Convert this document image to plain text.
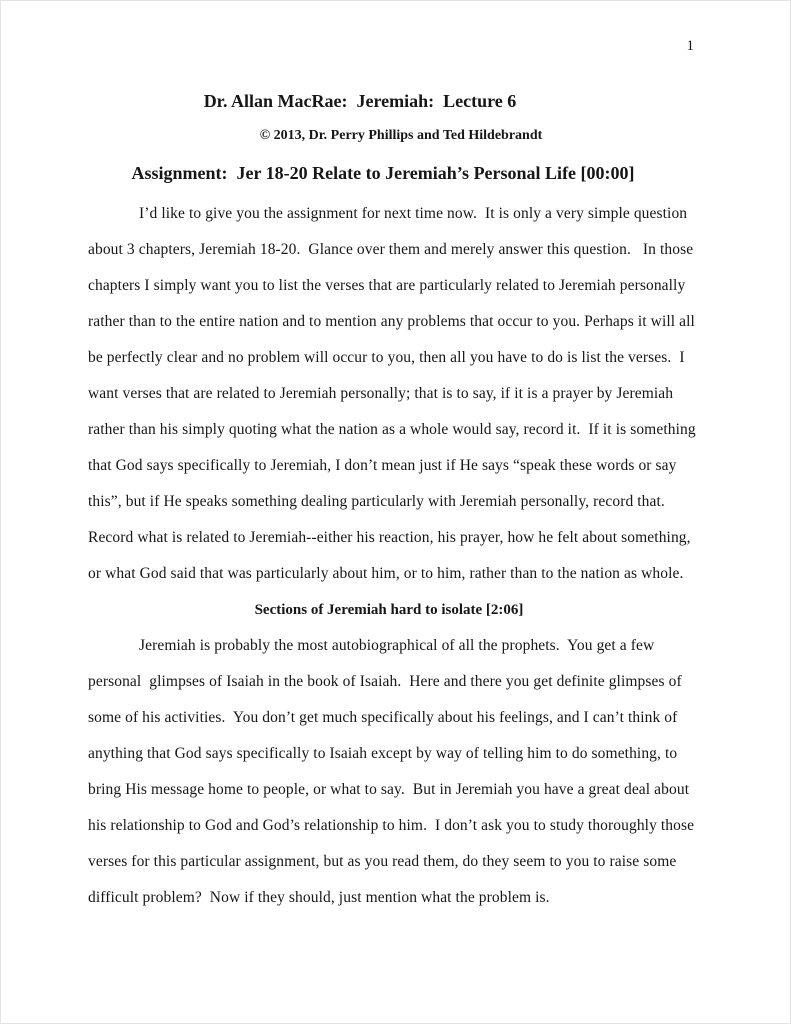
1
Dr. Allan MacRae:  Jeremiah:  Lecture 6
© 2013, Dr. Perry Phillips and Ted Hildebrandt
Assignment:  Jer 18-20 Relate to Jeremiah’s Personal Life [00:00]
I’d like to give you the assignment for next time now.  It is only a very simple question
about 3 chapters, Jeremiah 18-20.  Glance over them and merely answer this question.   In those
chapters I simply want you to list the verses that are particularly related to Jeremiah personally
rather than to the entire nation and to mention any problems that occur to you. Perhaps it will all
be perfectly clear and no problem will occur to you, then all you have to do is list the verses.  I
want verses that are related to Jeremiah personally; that is to say, if it is a prayer by Jeremiah
rather than his simply quoting what the nation as a whole would say, record it.  If it is something
that God says specifically to Jeremiah, I don’t mean just if He says “speak these words or say
this”, but if He speaks something dealing particularly with Jeremiah personally, record that.
Record what is related to Jeremiah--either his reaction, his prayer, how he felt about something,
or what God said that was particularly about him, or to him, rather than to the nation as whole.
Sections of Jeremiah hard to isolate [2:06]
Jeremiah is probably the most autobiographical of all the prophets.  You get a few
personal  glimpses of Isaiah in the book of Isaiah.  Here and there you get definite glimpses of
some of his activities.  You don’t get much specifically about his feelings, and I can’t think of
anything that God says specifically to Isaiah except by way of telling him to do something, to
bring His message home to people, or what to say.  But in Jeremiah you have a great deal about
his relationship to God and God’s relationship to him.  I don’t ask you to study thoroughly those
verses for this particular assignment, but as you read them, do they seem to you to raise some
difficult problem?  Now if they should, just mention what the problem is.
